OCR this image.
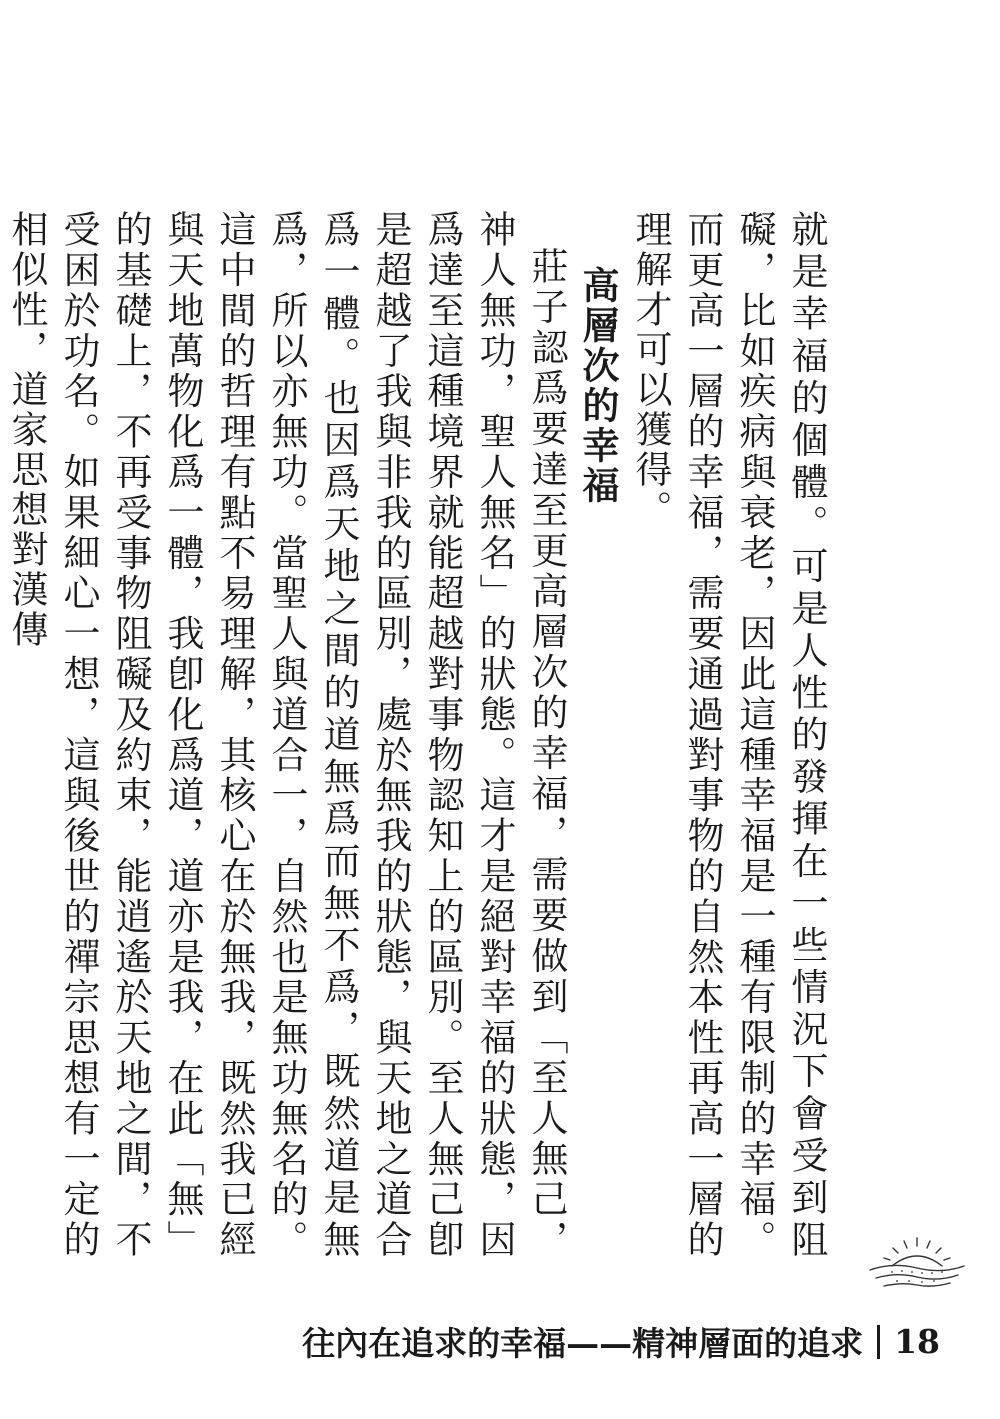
就是幸福的個體。可是人性的發揮在一些情況下會受到阻礙，比如疾病與衰老，因此這種幸福是一種有限制的幸福。而更高一層的幸福，需要通過對事物的自然本性再高一層的理解才可以獲得。

高層次的幸福

莊子認爲要達至更高層次的幸福，需要做到「至人無己，神人無功，聖人無名」的狀態。這才是絕對幸福的狀態，因爲達至這種境界就能超越對事物認知上的區別。至人無己卽是超越了我與非我的區別，處於無我的狀態，與天地之道合爲一體。也因爲天地之間的道無爲而無不爲，既然道是無爲，所以亦無功。當聖人與道合一，自然也是無功無名的。這中間的哲理有點不易理解，其核心在於無我，既然我已經與天地萬物化爲一體，我卽化爲道，道亦是我，在此「無」的基礎上，不再受事物阻礙及約束，能逍遙於天地之間，不受困於功名。如果細心一想，這與後世的禪宗思想有一定的相似性，道家思想對漢傳

往內在追求的幸福——精神層面的追求 18
